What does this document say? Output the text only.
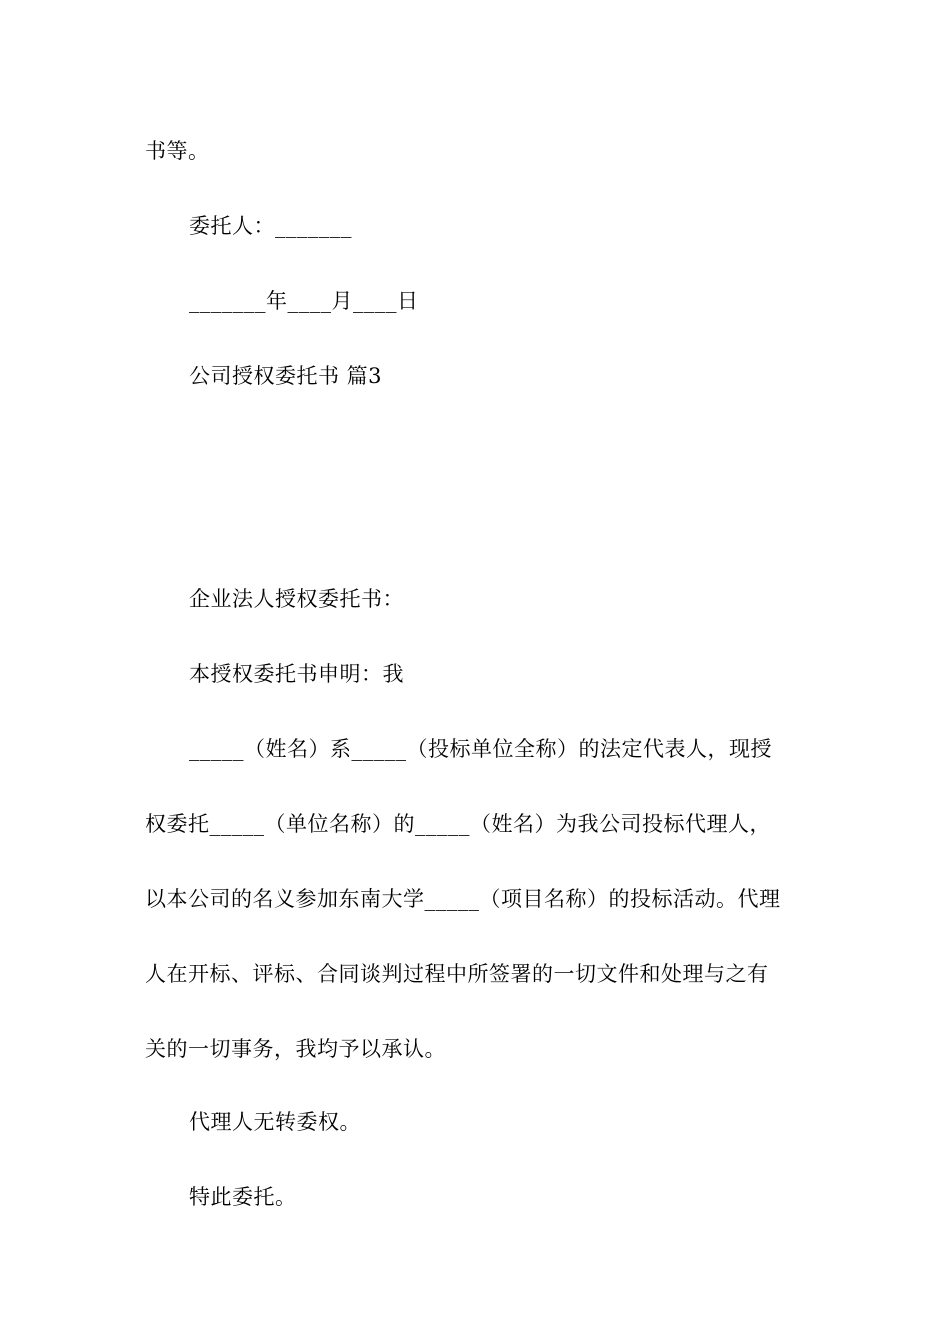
书等。
委托人：_______
_______年____月____日
公司授权委托书 篇3
企业法人授权委托书：
本授权委托书申明：我
_____（姓名）系_____（投标单位全称）的法定代表人，现授
权委托_____（单位名称）的_____（姓名）为我公司投标代理人，
以本公司的名义参加东南大学_____（项目名称）的投标活动。代理
人在开标、评标、合同谈判过程中所签署的一切文件和处理与之有
关的一切事务，我均予以承认。
代理人无转委权。
特此委托。
